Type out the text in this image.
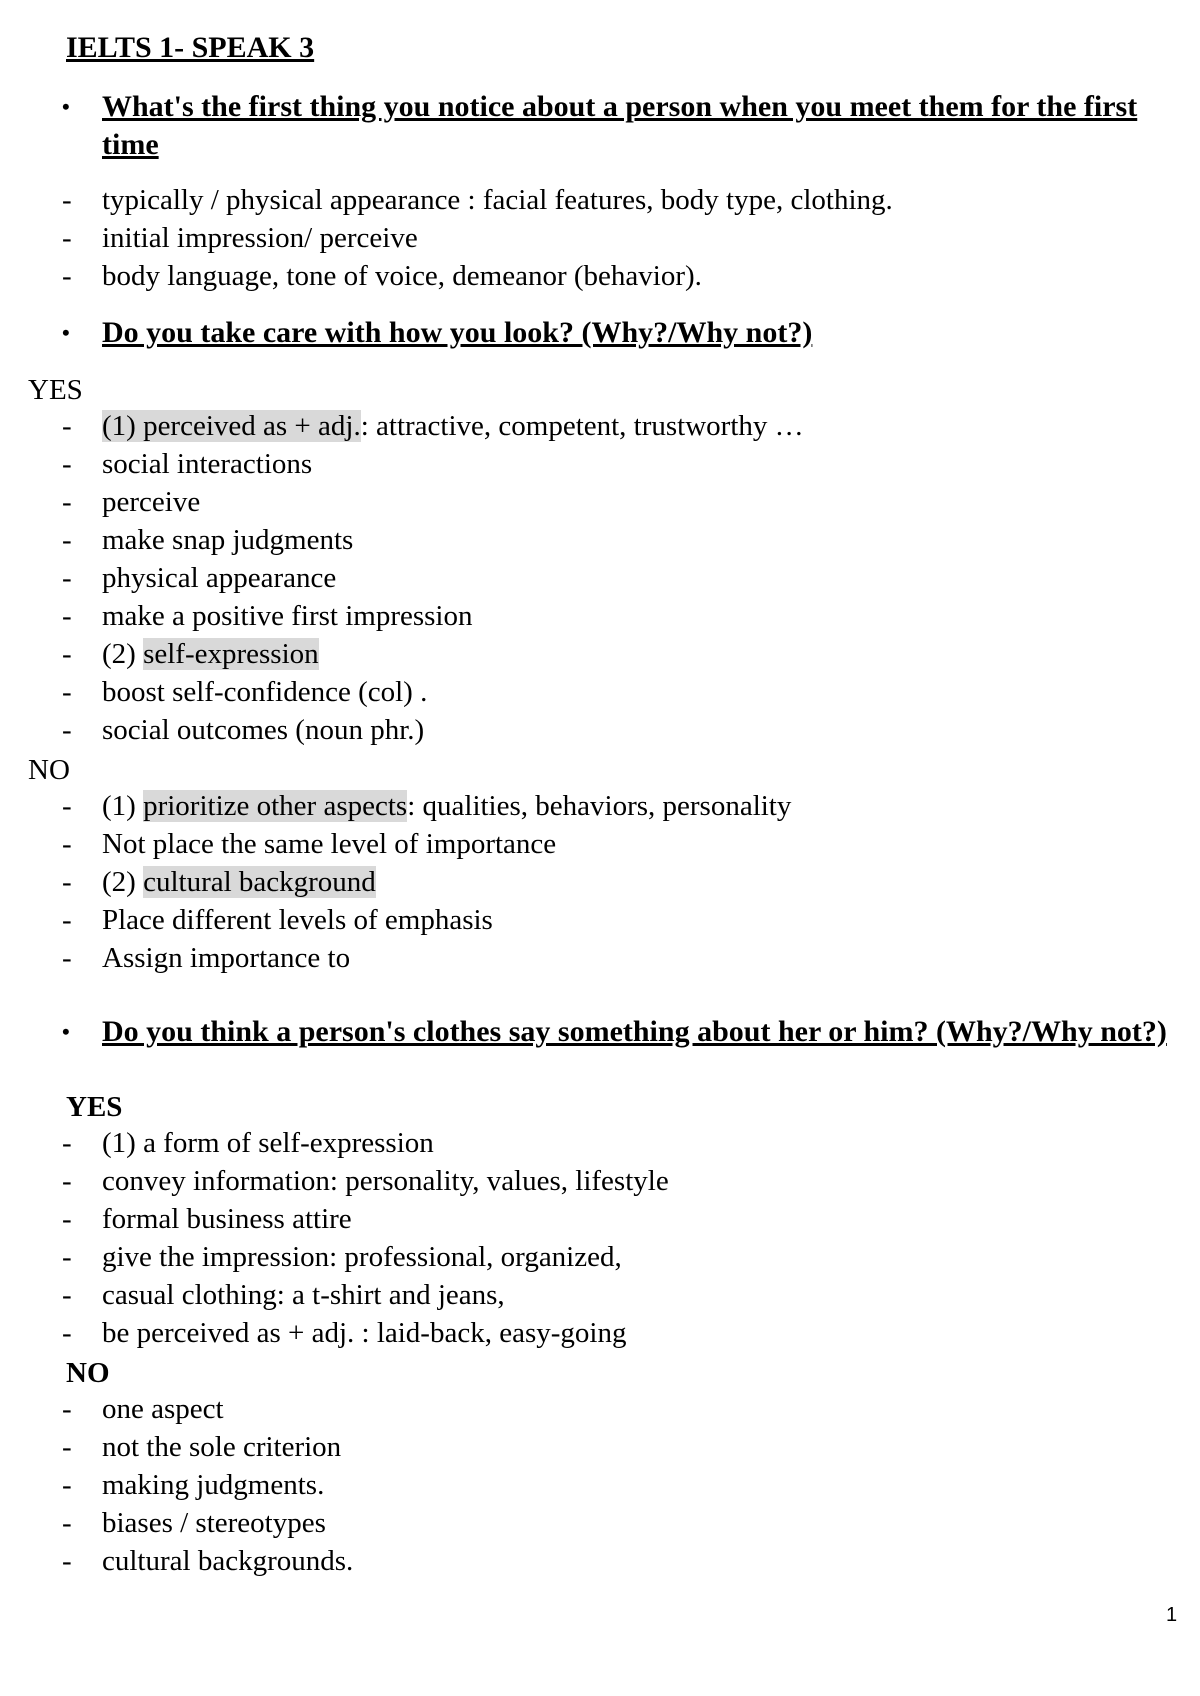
IELTS 1- SPEAK 3
• What's the first thing you notice about a person when you meet them for the first time
- typically / physical appearance : facial features, body type, clothing.
- initial impression/ perceive
- body language, tone of voice, demeanor (behavior).
• Do you take care with how you look? (Why?/Why not?)
YES
- (1) perceived as + adj.: attractive, competent, trustworthy …
- social interactions
- perceive
- make snap judgments
- physical appearance
- make a positive first impression
- (2) self-expression
- boost self-confidence (col) .
- social outcomes (noun phr.)
NO
- (1) prioritize other aspects: qualities, behaviors, personality
- Not place the same level of importance
- (2) cultural background
- Place different levels of emphasis
- Assign importance to
• Do you think a person's clothes say something about her or him? (Why?/Why not?)
YES
- (1) a form of self-expression
- convey information: personality, values, lifestyle
- formal business attire
- give the impression: professional, organized,
- casual clothing: a t-shirt and jeans,
- be perceived as + adj. : laid-back, easy-going
NO
- one aspect
- not the sole criterion
- making judgments.
- biases / stereotypes
- cultural backgrounds.
1
